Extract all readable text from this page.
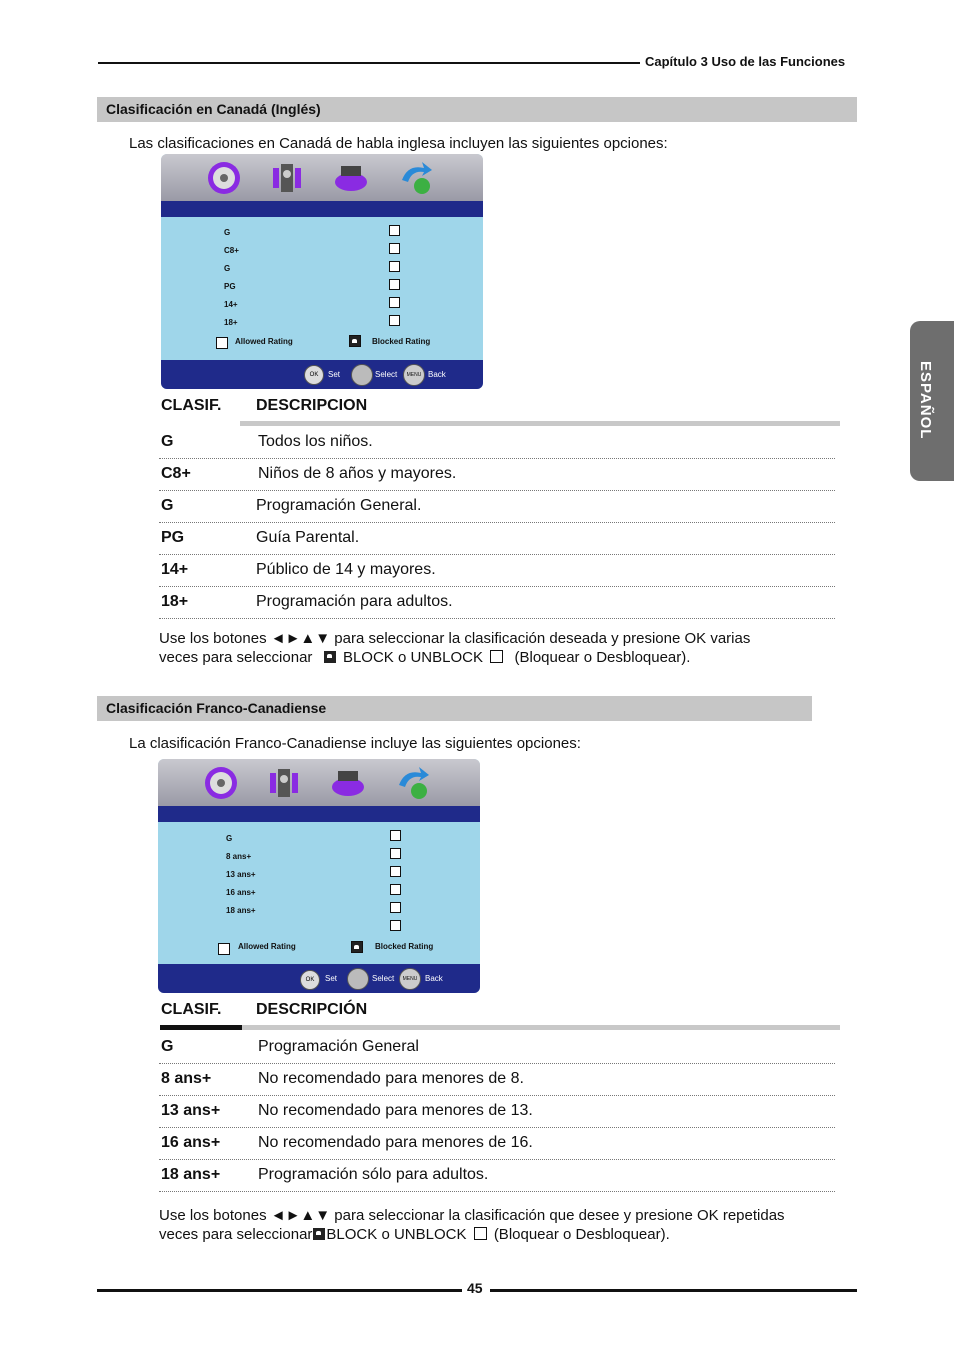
Capítulo 3 Uso de las Funciones
ESPAÑOL
Clasificación en Canadá (Inglés)
Las clasificaciones en Canadá de habla inglesa incluyen las siguientes opciones:
G
C8+
G
PG
14+
18+
Allowed Rating	Blocked Rating
OK	Set	Select	MENU Back
CLASIF. DESCRIPCION
G	Todos los niños.
C8+	Niños de 8 años y mayores.
G	Programación General.
PG	Guía Parental.
14+	Público de 14 y mayores.
18+	Programación para adultos.
Use los botones ◄►▲▼ para seleccionar la clasificación deseada y presione OK varias
veces para seleccionar BLOCK o UNBLOCK (Bloquear o Desbloquear).
Clasificación Franco-Canadiense
La clasificación Franco-Canadiense incluye las siguientes opciones:
G
8 ans+
13 ans+
16 ans+
18 ans+
Allowed Rating	Blocked Rating
OK	Set	Select	MENU Back
CLASIF. DESCRIPCIÓN
G	Programación General
8 ans+	No recomendado para menores de 8.
13 ans+ No recomendado para menores de 13.
16 ans+ No recomendado para menores de 16.
18 ans+ Programación sólo para adultos.
Use los botones ◄►▲▼ para seleccionar la clasificación que desee y presione OK repetidas
veces para seleccionar BLOCK o UNBLOCK (Bloquear o Desbloquear).
45
